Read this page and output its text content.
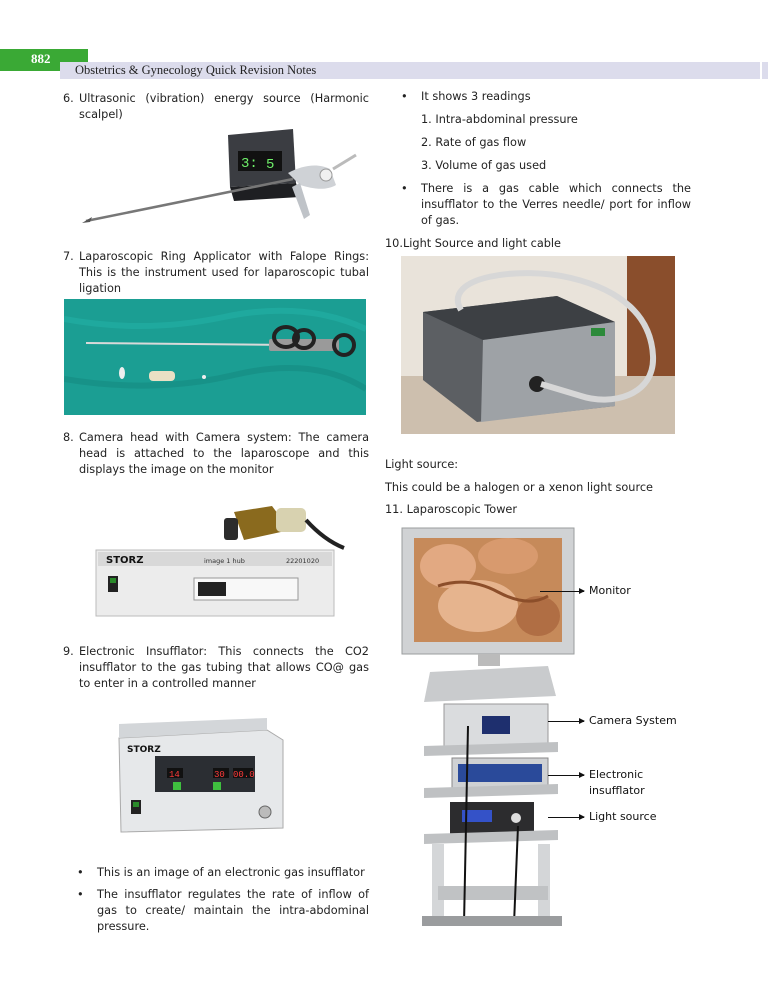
882
Obstetrics & Gynecology Quick Revision Notes
6. Ultrasonic (vibration) energy source (Harmonic scalpel)
3: 5
7. Laparoscopic Ring Applicator with Falope Rings: This is the instrument used for laparoscopic tubal ligation
8. Camera head with Camera system: The camera head is attached to the laparoscope and this displays the image on the monitor
STORZ	image 1 hub	22201020
9. Electronic Insufflator: This connects the CO2 insufflator to the gas tubing that allows CO@ gas to enter in a controlled manner
STORZ
14	30 00.0
• This is an image of an electronic gas insufflator
• The insufflator regulates the rate of inflow of gas to create/ maintain the intra-abdominal pressure.
• It shows 3 readings
1. Intra-abdominal pressure
2. Rate of gas flow
3. Volume of gas used
• There is a gas cable which connects the insufflator to the Verres needle/ port for inflow of gas.
10.Light Source and light cable
Light source:
This could be a halogen or a xenon light source
11. Laparoscopic Tower
Monitor
Camera System
Electronic
insufflator
Light source
